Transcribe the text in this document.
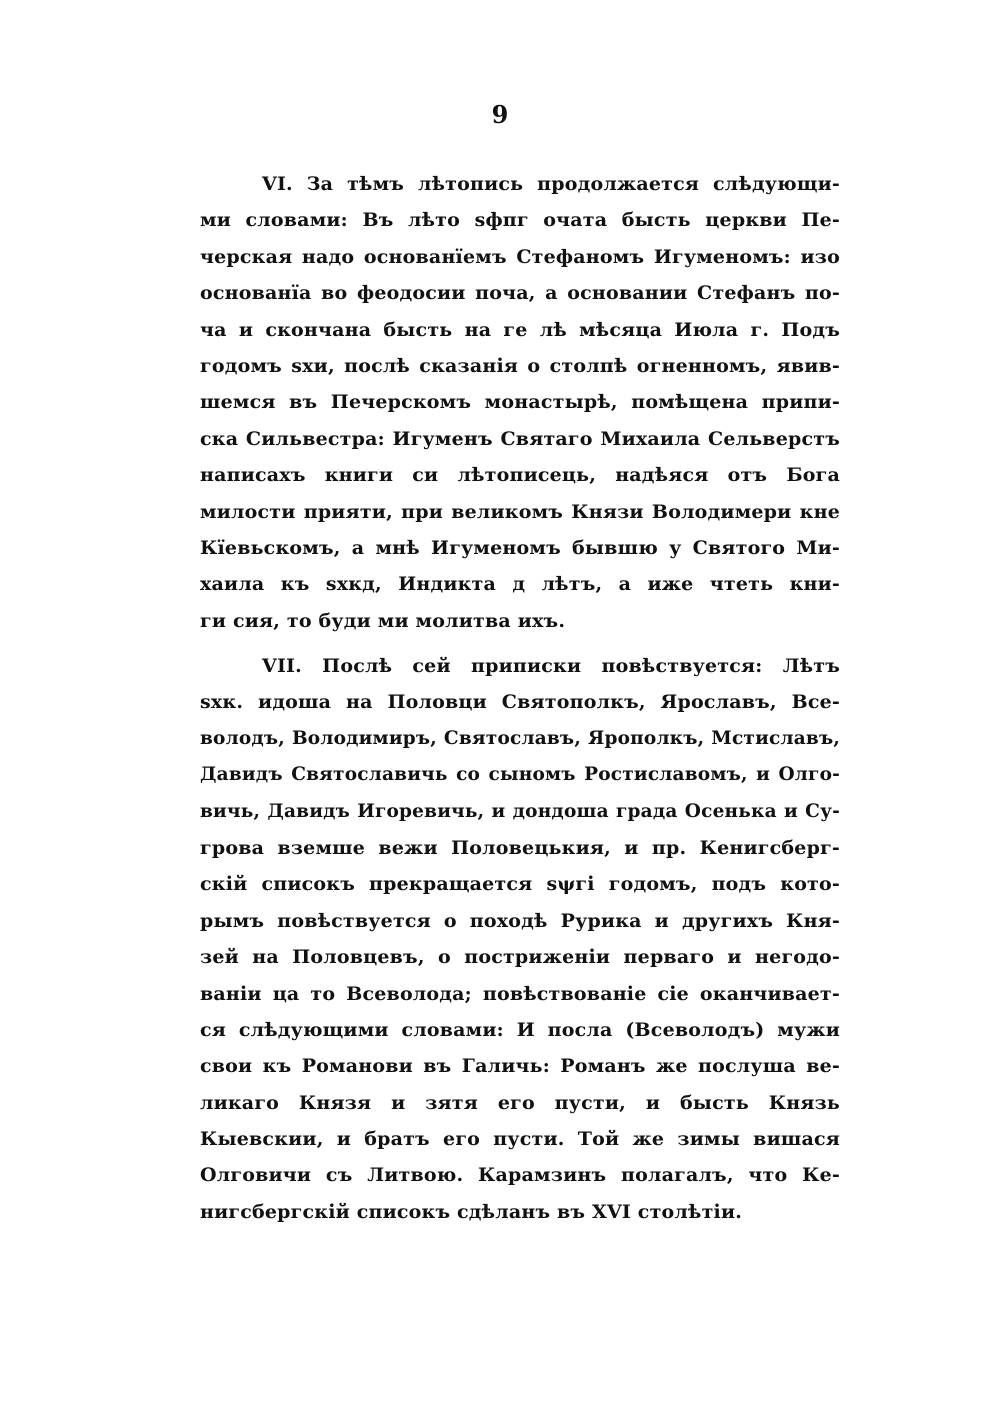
9
VI. За тѣмъ лѣтопись продолжается слѣдующи-
ми словами: Въ лѣто ѕфпг очата бысть церкви Пе-
черская надо основанїемъ Стефаномъ Игуменомъ: изо
основанїа во феодосии поча, а основании Стефанъ по-
ча и скончана бысть на ге лѣ мѣсяца Июла г. Подъ
годомъ ѕхи, послѣ сказанія о столпѣ огненномъ, явив-
шемся въ Печерскомъ монастырѣ, помѣщена припи-
ска Сильвестра: Игуменъ Святаго Михаила Сельверстъ
написахъ книги си лѣтописець, надѣяся отъ Бога
милости прияти, при великомъ Князи Володимери кне
Кїевьскомъ, а мнѣ Игуменомъ бывшю у Святого Ми-
хаила къ ѕхкд, Индикта д лѣтъ, а иже чтеть кни-
ги сия, то буди ми молитва ихъ.
VII. Послѣ сей приписки повѣствуется: Лѣтъ
ѕхк. идоша на Половци Святополкъ, Ярославъ, Все-
володъ, Володимиръ, Святославъ, Ярополкъ, Мстиславъ,
Давидъ Святославичь со сыномъ Ростиславомъ, и Олго-
вичь, Давидъ Игоревичь, и дондоша града Осенька и Су-
грова вземше вежи Половецькия, и пр. Кенигсберг-
скій списокъ прекращается ѕψгі годомъ, подъ кото-
рымъ повѣствуется о походѣ Рурика и другихъ Кня-
зей на Половцевъ, о постриженіи перваго и негодо-
ваніи ца то Всеволода; повѣствованіе сіе оканчивает-
ся слѣдующими словами: И посла (Всеволодъ) мужи
свои къ Романови въ Галичь: Романъ же послуша ве-
ликаго Князя и зятя его пусти, и бысть Князь
Кыевскии, и братъ его пусти. Той же зимы вишася
Олговичи съ Литвою. Карамзинъ полагалъ, что Ке-
нигсбергскій списокъ сдѣланъ въ XVI столѣтіи.
